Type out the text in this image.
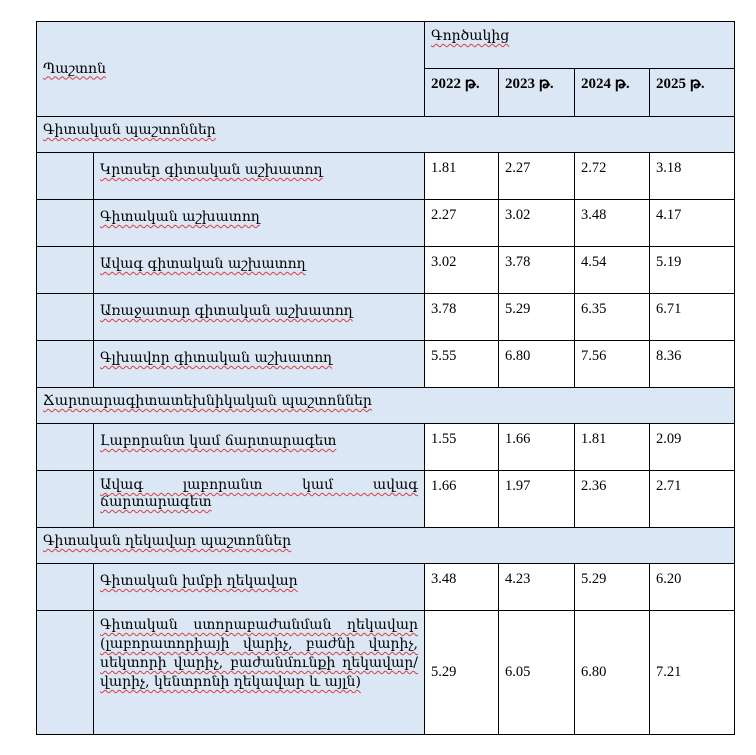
Պաշտոն		Գործակից			
		2022 թ.	2023 թ.	2024 թ.	2025 թ.
Գիտական պաշտոններ					
	Կրտսեր գիտական աշխատող	1.81	2.27	2.72	3.18
	Գիտական աշխատող	2.27	3.02	3.48	4.17
	Ավագ գիտական աշխատող	3.02	3.78	4.54	5.19
	Առաջատար գիտական աշխատող	3.78	5.29	6.35	6.71
	Գլխավոր գիտական աշխատող	5.55	6.80	7.56	8.36
Ճարտարագիտատեխնիկական պաշտոններ					
	Լաբորանտ կամ ճարտարագետ	1.55	1.66	1.81	2.09
	Ավագ լաբորանտ կամ ավագ ճարտարագետ	1.66	1.97	2.36	2.71
Գիտական ղեկավար պաշտոններ					
	Գիտական խմբի ղեկավար	3.48	4.23	5.29	6.20
	Գիտական ստորաբաժանման ղեկավար (լաբորատորիայի վարիչ, բաժնի վարիչ, սեկտորի վարիչ, բաժանմունքի ղեկավար/վարիչ, կենտրոնի ղեկավար և այլն)	5.29	6.05	6.80	7.21
